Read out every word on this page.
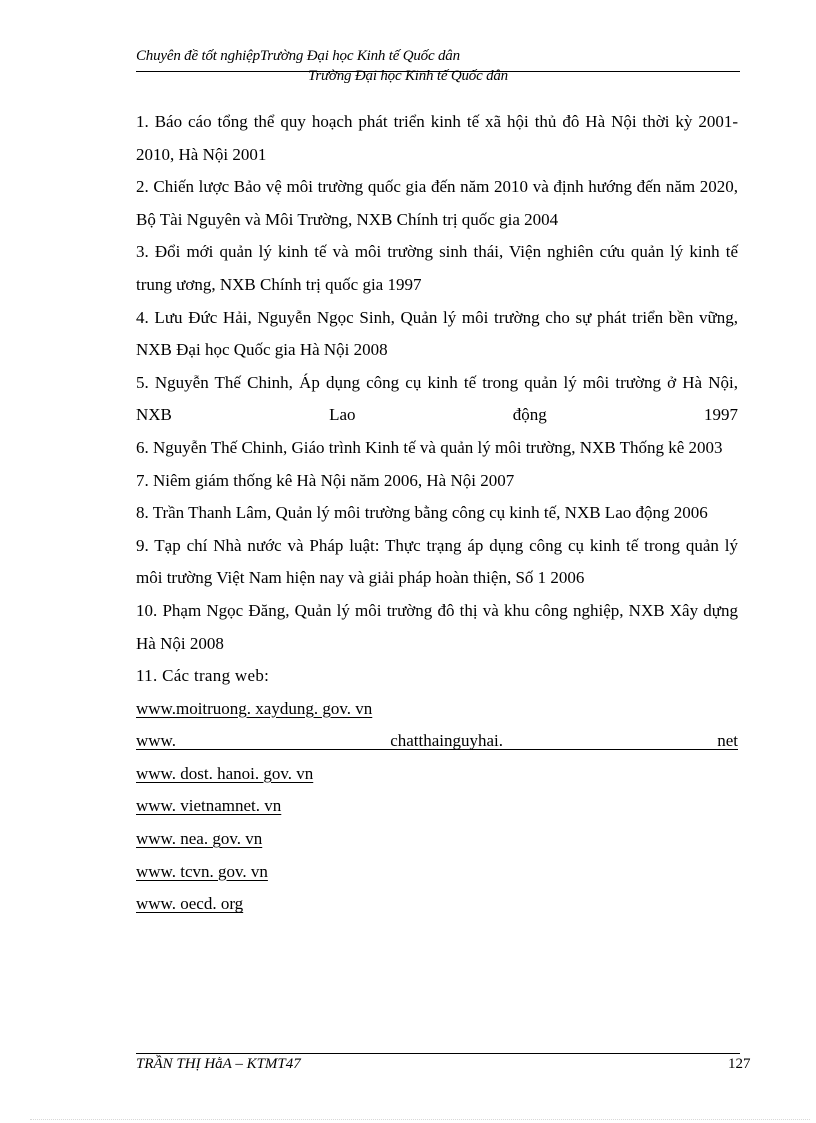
Chuyên đề tốt nghiệpTrường Đại học Kinh tế Quốc dân
Trường Đại học Kinh tế Quốc dân

1. Báo cáo tổng thể quy hoạch phát triển kinh tế xã hội thủ đô Hà Nội thời kỳ 2001-2010, Hà Nội 2001

2. Chiến lược Bảo vệ môi trường quốc gia đến năm 2010 và định hướng đến năm 2020, Bộ Tài Nguyên và Môi Trường, NXB Chính trị quốc gia 2004

3. Đổi mới quản lý kinh tế và môi trường sinh thái, Viện nghiên cứu quản lý kinh tế trung ương, NXB Chính trị quốc gia 1997

4. Lưu Đức Hải, Nguyễn Ngọc Sinh, Quản lý môi trường cho sự phát triển bền vững, NXB Đại học Quốc gia Hà Nội 2008

5. Nguyễn Thế Chinh, Áp dụng công cụ kinh tế trong quản lý môi trường ở Hà Nội, NXB Lao động 1997

6. Nguyễn Thế Chinh, Giáo trình Kinh tế và quản lý môi trường, NXB Thống kê 2003

7. Niêm giám thống kê Hà Nội năm 2006, Hà Nội 2007

8. Trần Thanh Lâm, Quản lý môi trường bằng công cụ kinh tế, NXB Lao động 2006

9. Tạp chí Nhà nước và Pháp luật: Thực trạng áp dụng công cụ kinh tế trong quản lý môi trường Việt Nam hiện nay và giải pháp hoàn thiện, Số 1 2006

10. Phạm Ngọc Đăng, Quản lý môi trường đô thị và khu công nghiệp, NXB Xây dựng Hà Nội 2008

11. Các trang web:

www.moitruong. xaydung. gov. vn
www. chatthainguyhai. net
www. dost. hanoi. gov. vn
www. vietnamnet. vn
www. nea. gov. vn
www. tcvn. gov. vn
www. oecd. org
TRẦN THỊ HằA – KTMT47	127
